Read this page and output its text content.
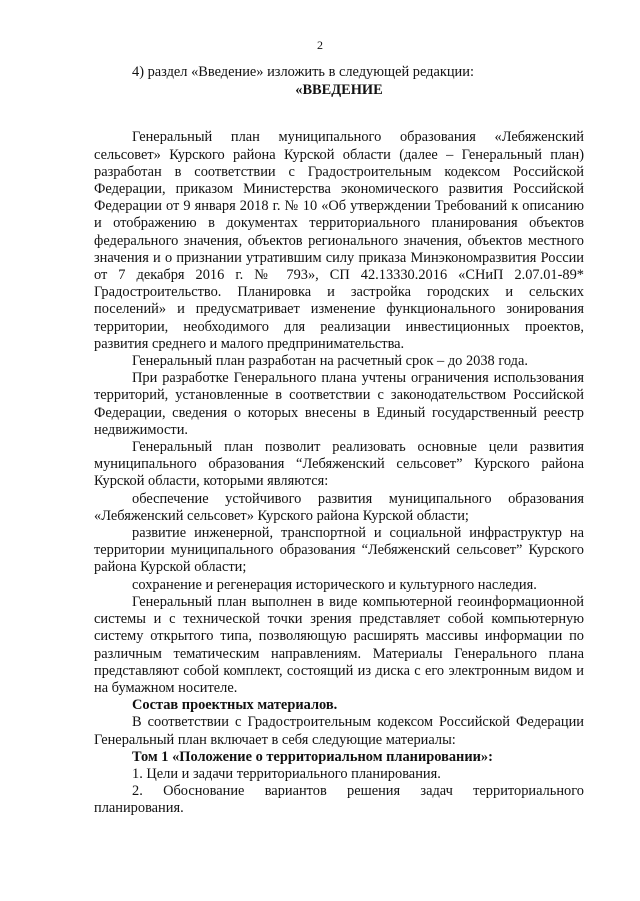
2

4) раздел «Введение» изложить в следующей редакции:

«ВВЕДЕНИЕ

Генеральный план муниципального образования «Лебяженский сельсовет» Курского района Курской области (далее – Генеральный план) разработан в соответствии с Градостроительным кодексом Российской Федерации, приказом Министерства экономического развития Российской Федерации от 9 января 2018 г. № 10 «Об утверждении Требований к описанию и отображению в документах территориального планирования объектов федерального значения, объектов регионального значения, объектов местного значения и о признании утратившим силу приказа Минэкономразвития России от 7 декабря 2016 г. № 793», СП 42.13330.2016 «СНиП 2.07.01-89* Градостроительство. Планировка и застройка городских и сельских поселений» и предусматривает изменение функционального зонирования территории, необходимого для реализации инвестиционных проектов, развития среднего и малого предпринимательства.

Генеральный план разработан на расчетный срок – до 2038 года.

При разработке Генерального плана учтены ограничения использования территорий, установленные в соответствии с законодательством Российской Федерации, сведения о которых внесены в Единый государственный реестр недвижимости.

Генеральный план позволит реализовать основные цели развития муниципального образования “Лебяженский сельсовет” Курского района Курской области, которыми являются:

обеспечение устойчивого развития муниципального образования «Лебяженский сельсовет» Курского района Курской области;

развитие инженерной, транспортной и социальной инфраструктур на территории муниципального образования “Лебяженский сельсовет” Курского района Курской области;

сохранение и регенерация исторического и культурного наследия.

Генеральный план выполнен в виде компьютерной геоинформационной системы и с технической точки зрения представляет собой компьютерную систему открытого типа, позволяющую расширять массивы информации по различным тематическим направлениям. Материалы Генерального плана представляют собой комплект, состоящий из диска с его электронным видом и на бумажном носителе.

Состав проектных материалов.

В соответствии с Градостроительным кодексом Российской Федерации Генеральный план включает в себя следующие материалы:

Том 1 «Положение о территориальном планировании»:

1. Цели и задачи территориального планирования.

2. Обоснование вариантов решения задач территориального планирования.
